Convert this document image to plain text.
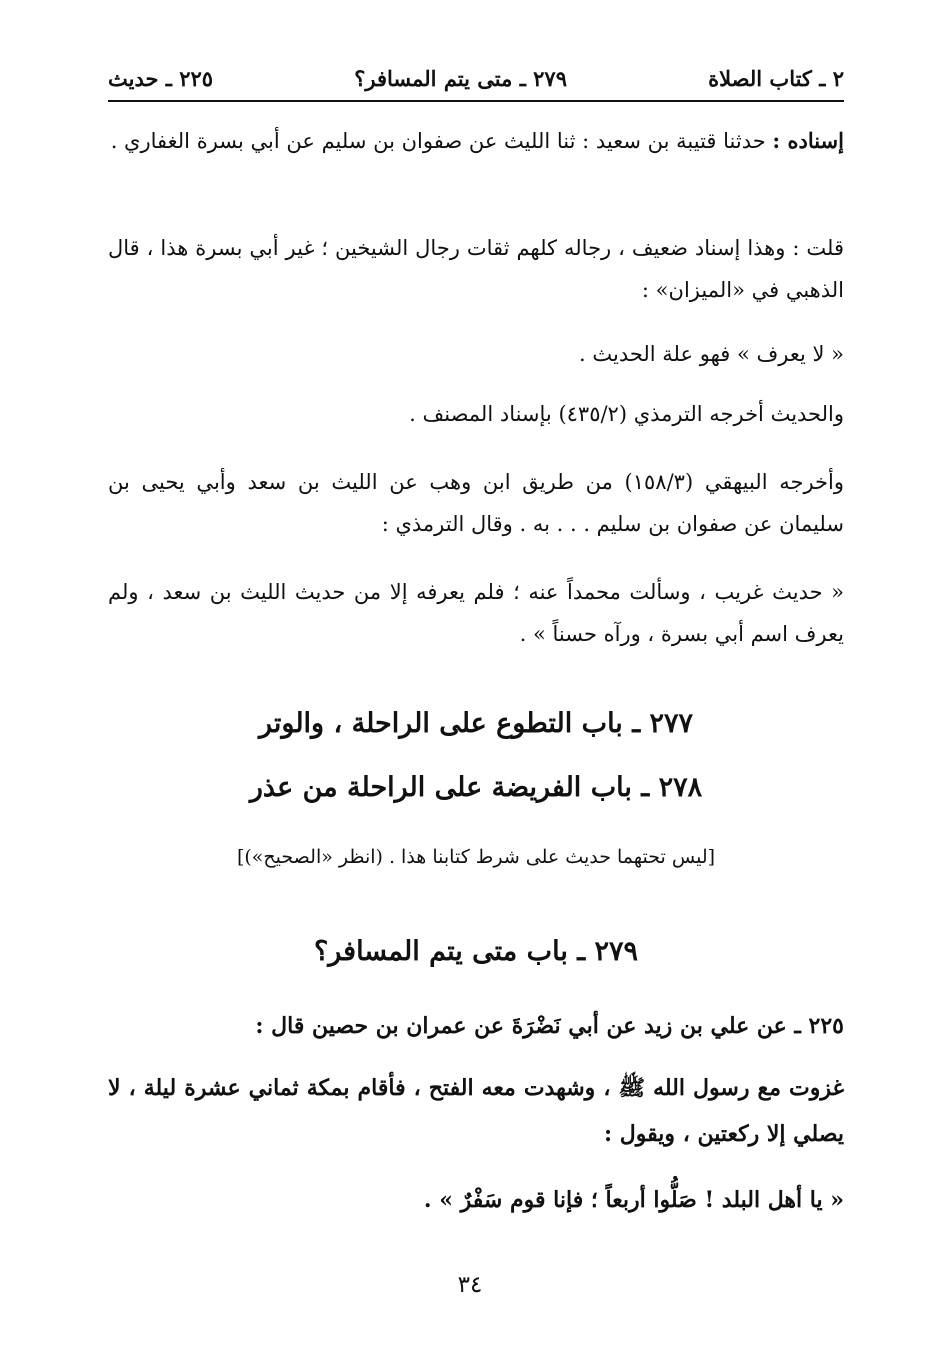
٢ ـ كتاب الصلاة
٢٧٩ ـ متى يتم المسافر؟
٢٢٥ ـ حديث

إسناده : حدثنا قتيبة بن سعيد : ثنا الليث عن صفوان بن سليم عن أبي بسرة الغفاري .

قلت : وهذا إسناد ضعيف ، رجاله كلهم ثقات رجال الشيخين ؛ غير أبي بسرة هذا ، قال الذهبي في «الميزان» :

« لا يعرف » فهو علة الحديث .

والحديث أخرجه الترمذي (٤٣٥/٢) بإسناد المصنف .

وأخرجه البيهقي (١٥٨/٣) من طريق ابن وهب عن الليث بن سعد وأبي يحيى بن سليمان عن صفوان بن سليم . . . به . وقال الترمذي :

« حديث غريب ، وسألت محمداً عنه ؛ فلم يعرفه إلا من حديث الليث بن سعد ، ولم يعرف اسم أبي بسرة ، ورآه حسناً » .

٢٧٧ ـ باب التطوع على الراحلة ، والوتر
٢٧٨ ـ باب الفريضة على الراحلة من عذر

[ليس تحتهما حديث على شرط كتابنا هذا . (انظر «الصحيح»)]

٢٧٩ ـ باب متى يتم المسافر؟

٢٢٥ ـ عن علي بن زيد عن أبي نَضْرَةَ عن عمران بن حصين قال :

غزوت مع رسول الله ﷺ ، وشهدت معه الفتح ، فأقام بمكة ثماني عشرة ليلة ، لا يصلي إلا ركعتين ، ويقول :

« يا أهل البلد ! صَلُّوا أربعاً ؛ فإنا قوم سَفْرٌ » .

٣٤
